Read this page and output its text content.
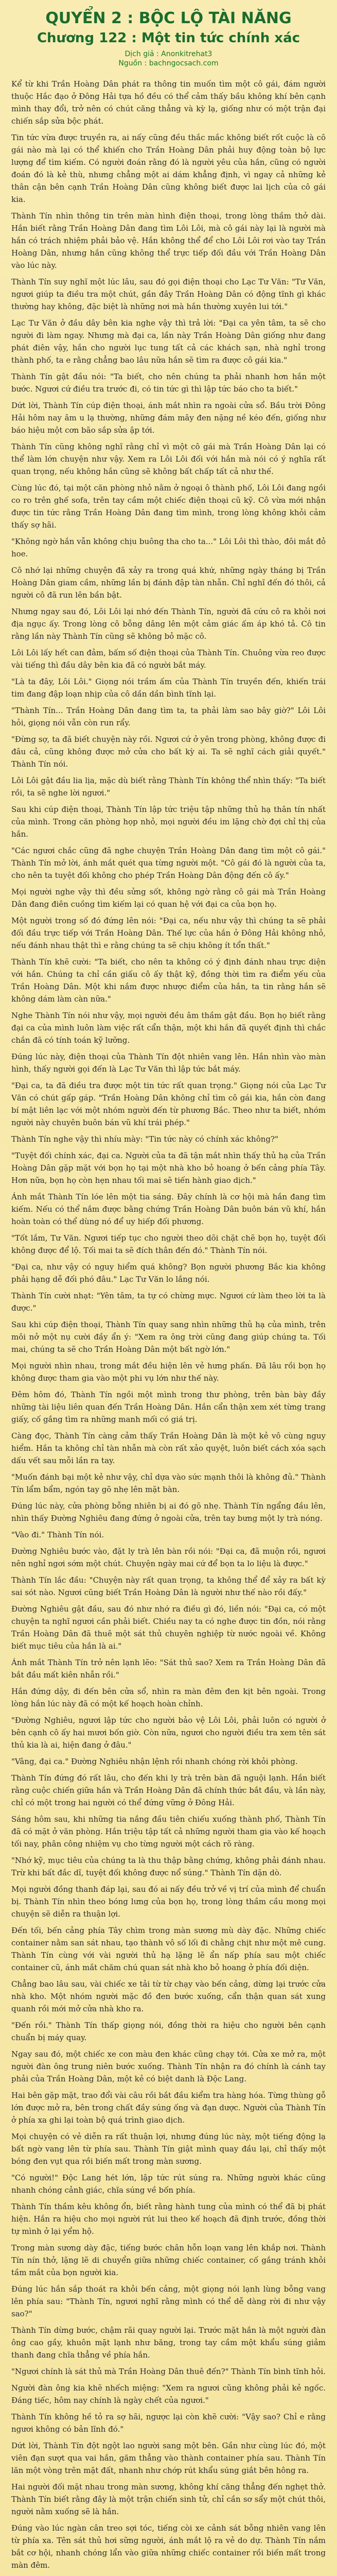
QUYỂN 2 : BỘC LỘ TÀI NĂNG
Chương 122 : Một tin tức chính xác
Dịch giả : Anonkitrehat3
Nguồn : bachngocsach.com

Kể từ khi Trần Hoàng Dân phát ra thông tin muốn tìm một cô gái, đám người thuộc Hắc đạo ở Đông Hải tựa hồ đều có thể cảm thấy bầu không khí bên cạnh mình thay đổi, trở nên có chút căng thẳng và kỳ lạ, giống như có một trận đại chiến sắp sửa bộc phát.

Tin tức vừa được truyền ra, ai nấy cũng đều thắc mắc không biết rốt cuộc là cô gái nào mà lại có thể khiến cho Trần Hoàng Dân phải huy động toàn bộ lực lượng để tìm kiếm. Có người đoán rằng đó là người yêu của hắn, cũng có người đoán đó là kẻ thù, nhưng chẳng một ai dám khẳng định, vì ngay cả những kẻ thân cận bên cạnh Trần Hoàng Dân cũng không biết được lai lịch của cô gái kia.

Thành Tín nhìn thông tin trên màn hình điện thoại, trong lòng thầm thở dài. Hắn biết rằng Trần Hoàng Dân đang tìm Lôi Lôi, mà cô gái này lại là người mà hắn có trách nhiệm phải bảo vệ. Hắn không thể để cho Lôi Lôi rơi vào tay Trần Hoàng Dân, nhưng hắn cũng không thể trực tiếp đối đầu với Trần Hoàng Dân vào lúc này.

Thành Tín suy nghĩ một lúc lâu, sau đó gọi điện thoại cho Lạc Tư Văn: "Tư Văn, ngươi giúp ta điều tra một chút, gần đây Trần Hoàng Dân có động tĩnh gì khác thường hay không, đặc biệt là những nơi mà hắn thường xuyên lui tới."

Lạc Tư Văn ở đầu dây bên kia nghe vậy thì trả lời: "Đại ca yên tâm, ta sẽ cho người đi làm ngay. Nhưng mà đại ca, lần này Trần Hoàng Dân giống như đang phát điên vậy, hắn cho người lục tung tất cả các khách sạn, nhà nghỉ trong thành phố, ta e rằng chẳng bao lâu nữa hắn sẽ tìm ra được cô gái kia."

Thành Tín gật đầu nói: "Ta biết, cho nên chúng ta phải nhanh hơn hắn một bước. Ngươi cứ điều tra trước đi, có tin tức gì thì lập tức báo cho ta biết."

Dứt lời, Thành Tín cúp điện thoại, ánh mắt nhìn ra ngoài cửa sổ. Bầu trời Đông Hải hôm nay âm u lạ thường, những đám mây đen nặng nề kéo đến, giống như báo hiệu một cơn bão sắp sửa ập tới.

Thành Tín cũng không nghĩ rằng chỉ vì một cô gái mà Trần Hoàng Dân lại có thể làm lớn chuyện như vậy. Xem ra Lôi Lôi đối với hắn mà nói có ý nghĩa rất quan trọng, nếu không hắn cũng sẽ không bất chấp tất cả như thế.

Cùng lúc đó, tại một căn phòng nhỏ nằm ở ngoại ô thành phố, Lôi Lôi đang ngồi co ro trên ghế sofa, trên tay cầm một chiếc điện thoại cũ kỹ. Cô vừa mới nhận được tin tức rằng Trần Hoàng Dân đang tìm mình, trong lòng không khỏi cảm thấy sợ hãi.

"Không ngờ hắn vẫn không chịu buông tha cho ta..." Lôi Lôi thì thào, đôi mắt đỏ hoe.

Cô nhớ lại những chuyện đã xảy ra trong quá khứ, những ngày tháng bị Trần Hoàng Dân giam cầm, những lần bị đánh đập tàn nhẫn. Chỉ nghĩ đến đó thôi, cả người cô đã run lên bần bật.

Nhưng ngay sau đó, Lôi Lôi lại nhớ đến Thành Tín, người đã cứu cô ra khỏi nơi địa ngục ấy. Trong lòng cô bỗng dâng lên một cảm giác ấm áp khó tả. Cô tin rằng lần này Thành Tín cũng sẽ không bỏ mặc cô.

Lôi Lôi lấy hết can đảm, bấm số điện thoại của Thành Tín. Chuông vừa reo được vài tiếng thì đầu dây bên kia đã có người bắt máy.

"Là ta đây, Lôi Lôi." Giọng nói trầm ấm của Thành Tín truyền đến, khiến trái tim đang đập loạn nhịp của cô dần dần bình tĩnh lại.

"Thành Tín... Trần Hoàng Dân đang tìm ta, ta phải làm sao bây giờ?" Lôi Lôi hỏi, giọng nói vẫn còn run rẩy.

"Đừng sợ, ta đã biết chuyện này rồi. Ngươi cứ ở yên trong phòng, không được đi đâu cả, cũng không được mở cửa cho bất kỳ ai. Ta sẽ nghĩ cách giải quyết." Thành Tín nói.

Lôi Lôi gật đầu lia lịa, mặc dù biết rằng Thành Tín không thể nhìn thấy: "Ta biết rồi, ta sẽ nghe lời ngươi."

Sau khi cúp điện thoại, Thành Tín lập tức triệu tập những thủ hạ thân tín nhất của mình. Trong căn phòng họp nhỏ, mọi người đều im lặng chờ đợi chỉ thị của hắn.

"Các ngươi chắc cũng đã nghe chuyện Trần Hoàng Dân đang tìm một cô gái." Thành Tín mở lời, ánh mắt quét qua từng người một. "Cô gái đó là người của ta, cho nên ta tuyệt đối không cho phép Trần Hoàng Dân động đến cô ấy."

Mọi người nghe vậy thì đều sửng sốt, không ngờ rằng cô gái mà Trần Hoàng Dân đang điên cuồng tìm kiếm lại có quan hệ với đại ca của bọn họ.

Một người trong số đó đứng lên nói: "Đại ca, nếu như vậy thì chúng ta sẽ phải đối đầu trực tiếp với Trần Hoàng Dân. Thế lực của hắn ở Đông Hải không nhỏ, nếu đánh nhau thật thì e rằng chúng ta sẽ chịu không ít tổn thất."

Thành Tín khẽ cười: "Ta biết, cho nên ta không có ý định đánh nhau trực diện với hắn. Chúng ta chỉ cần giấu cô ấy thật kỹ, đồng thời tìm ra điểm yếu của Trần Hoàng Dân. Một khi nắm được nhược điểm của hắn, ta tin rằng hắn sẽ không dám làm càn nữa."

Nghe Thành Tín nói như vậy, mọi người đều âm thầm gật đầu. Bọn họ biết rằng đại ca của mình luôn làm việc rất cẩn thận, một khi hắn đã quyết định thì chắc chắn đã có tính toán kỹ lưỡng.

Đúng lúc này, điện thoại của Thành Tín đột nhiên vang lên. Hắn nhìn vào màn hình, thấy người gọi đến là Lạc Tư Văn thì lập tức bắt máy.

"Đại ca, ta đã điều tra được một tin tức rất quan trọng." Giọng nói của Lạc Tư Văn có chút gấp gáp. "Trần Hoàng Dân không chỉ tìm cô gái kia, hắn còn đang bí mật liên lạc với một nhóm người đến từ phương Bắc. Theo như ta biết, nhóm người này chuyên buôn bán vũ khí trái phép."

Thành Tín nghe vậy thì nhíu mày: "Tin tức này có chính xác không?"

"Tuyệt đối chính xác, đại ca. Người của ta đã tận mắt nhìn thấy thủ hạ của Trần Hoàng Dân gặp mặt với bọn họ tại một nhà kho bỏ hoang ở bến cảng phía Tây. Hơn nữa, bọn họ còn hẹn nhau tối mai sẽ tiến hành giao dịch."

Ánh mắt Thành Tín lóe lên một tia sáng. Đây chính là cơ hội mà hắn đang tìm kiếm. Nếu có thể nắm được bằng chứng Trần Hoàng Dân buôn bán vũ khí, hắn hoàn toàn có thể dùng nó để uy hiếp đối phương.

"Tốt lắm, Tư Văn. Ngươi tiếp tục cho người theo dõi chặt chẽ bọn họ, tuyệt đối không được để lộ. Tối mai ta sẽ đích thân đến đó." Thành Tín nói.

"Đại ca, như vậy có nguy hiểm quá không? Bọn người phương Bắc kia không phải hạng dễ đối phó đâu." Lạc Tư Văn lo lắng nói.

Thành Tín cười nhạt: "Yên tâm, ta tự có chừng mực. Ngươi cứ làm theo lời ta là được."

Sau khi cúp điện thoại, Thành Tín quay sang nhìn những thủ hạ của mình, trên môi nở một nụ cười đầy ẩn ý: "Xem ra ông trời cũng đang giúp chúng ta. Tối mai, chúng ta sẽ cho Trần Hoàng Dân một bất ngờ lớn."

Mọi người nhìn nhau, trong mắt đều hiện lên vẻ hưng phấn. Đã lâu rồi bọn họ không được tham gia vào một phi vụ lớn như thế này.

Đêm hôm đó, Thành Tín ngồi một mình trong thư phòng, trên bàn bày đầy những tài liệu liên quan đến Trần Hoàng Dân. Hắn cẩn thận xem xét từng trang giấy, cố gắng tìm ra những manh mối có giá trị.

Càng đọc, Thành Tín càng cảm thấy Trần Hoàng Dân là một kẻ vô cùng nguy hiểm. Hắn ta không chỉ tàn nhẫn mà còn rất xảo quyệt, luôn biết cách xóa sạch dấu vết sau mỗi lần ra tay.

"Muốn đánh bại một kẻ như vậy, chỉ dựa vào sức mạnh thôi là không đủ." Thành Tín lẩm bẩm, ngón tay gõ nhẹ lên mặt bàn.

Đúng lúc này, cửa phòng bỗng nhiên bị ai đó gõ nhẹ. Thành Tín ngẩng đầu lên, nhìn thấy Đường Nghiêu đang đứng ở ngoài cửa, trên tay bưng một ly trà nóng.

"Vào đi." Thành Tín nói.

Đường Nghiêu bước vào, đặt ly trà lên bàn rồi nói: "Đại ca, đã muộn rồi, ngươi nên nghỉ ngơi sớm một chút. Chuyện ngày mai cứ để bọn ta lo liệu là được."

Thành Tín lắc đầu: "Chuyện này rất quan trọng, ta không thể để xảy ra bất kỳ sai sót nào. Ngươi cũng biết Trần Hoàng Dân là người như thế nào rồi đấy."

Đường Nghiêu gật đầu, sau đó như nhớ ra điều gì đó, liền nói: "Đại ca, có một chuyện ta nghĩ ngươi cần phải biết. Chiều nay ta có nghe được tin đồn, nói rằng Trần Hoàng Dân đã thuê một sát thủ chuyên nghiệp từ nước ngoài về. Không biết mục tiêu của hắn là ai."

Ánh mắt Thành Tín trở nên lạnh lẽo: "Sát thủ sao? Xem ra Trần Hoàng Dân đã bắt đầu mất kiên nhẫn rồi."

Hắn đứng dậy, đi đến bên cửa sổ, nhìn ra màn đêm đen kịt bên ngoài. Trong lòng hắn lúc này đã có một kế hoạch hoàn chỉnh.

"Đường Nghiêu, ngươi lập tức cho người bảo vệ Lôi Lôi, phải luôn có người ở bên cạnh cô ấy hai mươi bốn giờ. Còn nữa, ngươi cho người điều tra xem tên sát thủ kia là ai, hiện đang ở đâu."

"Vâng, đại ca." Đường Nghiêu nhận lệnh rồi nhanh chóng rời khỏi phòng.

Thành Tín đứng đó rất lâu, cho đến khi ly trà trên bàn đã nguội lạnh. Hắn biết rằng cuộc chiến giữa hắn và Trần Hoàng Dân đã chính thức bắt đầu, và lần này, chỉ có một trong hai người có thể đứng vững ở Đông Hải.

Sáng hôm sau, khi những tia nắng đầu tiên chiếu xuống thành phố, Thành Tín đã có mặt ở văn phòng. Hắn triệu tập tất cả những người tham gia vào kế hoạch tối nay, phân công nhiệm vụ cho từng người một cách rõ ràng.

"Nhớ kỹ, mục tiêu của chúng ta là thu thập bằng chứng, không phải đánh nhau. Trừ khi bất đắc dĩ, tuyệt đối không được nổ súng." Thành Tín dặn dò.

Mọi người đồng thanh đáp lại, sau đó ai nấy đều trở về vị trí của mình để chuẩn bị. Thành Tín nhìn theo bóng lưng của bọn họ, trong lòng thầm cầu mong mọi chuyện sẽ diễn ra thuận lợi.

Đến tối, bến cảng phía Tây chìm trong màn sương mù dày đặc. Những chiếc container nằm san sát nhau, tạo thành vô số lối đi chằng chịt như một mê cung. Thành Tín cùng với vài người thủ hạ lặng lẽ ẩn nấp phía sau một chiếc container cũ, ánh mắt chăm chú quan sát nhà kho bỏ hoang ở phía đối diện.

Chẳng bao lâu sau, vài chiếc xe tải từ từ chạy vào bến cảng, dừng lại trước cửa nhà kho. Một nhóm người mặc đồ đen bước xuống, cẩn thận quan sát xung quanh rồi mới mở cửa nhà kho ra.

"Đến rồi." Thành Tín thấp giọng nói, đồng thời ra hiệu cho người bên cạnh chuẩn bị máy quay.

Ngay sau đó, một chiếc xe con màu đen khác cũng chạy tới. Cửa xe mở ra, một người đàn ông trung niên bước xuống. Thành Tín nhận ra đó chính là cánh tay phải của Trần Hoàng Dân, một kẻ có biệt danh là Độc Lang.

Hai bên gặp mặt, trao đổi vài câu rồi bắt đầu kiểm tra hàng hóa. Từng thùng gỗ lớn được mở ra, bên trong chất đầy súng ống và đạn dược. Người của Thành Tín ở phía xa ghi lại toàn bộ quá trình giao dịch.

Mọi chuyện có vẻ diễn ra rất thuận lợi, nhưng đúng lúc này, một tiếng động lạ bất ngờ vang lên từ phía sau. Thành Tín giật mình quay đầu lại, chỉ thấy một bóng đen vụt qua rồi biến mất trong màn sương.

"Có người!" Độc Lang hét lớn, lập tức rút súng ra. Những người khác cũng nhanh chóng cảnh giác, chĩa súng về bốn phía.

Thành Tín thầm kêu không ổn, biết rằng hành tung của mình có thể đã bị phát hiện. Hắn ra hiệu cho mọi người rút lui theo kế hoạch đã định trước, đồng thời tự mình ở lại yểm hộ.

Trong màn sương dày đặc, tiếng bước chân hỗn loạn vang lên khắp nơi. Thành Tín nín thở, lặng lẽ di chuyển giữa những chiếc container, cố gắng tránh khỏi tầm mắt của bọn người kia.

Đúng lúc hắn sắp thoát ra khỏi bến cảng, một giọng nói lạnh lùng bỗng vang lên phía sau: "Thành Tín, ngươi nghĩ rằng mình có thể dễ dàng rời đi như vậy sao?"

Thành Tín dừng bước, chậm rãi quay người lại. Trước mặt hắn là một người đàn ông cao gầy, khuôn mặt lạnh như băng, trong tay cầm một khẩu súng giảm thanh đang chĩa thẳng về phía hắn.

"Ngươi chính là sát thủ mà Trần Hoàng Dân thuê đến?" Thành Tín bình tĩnh hỏi.

Người đàn ông kia khẽ nhếch miệng: "Xem ra ngươi cũng không phải kẻ ngốc. Đáng tiếc, hôm nay chính là ngày chết của ngươi."

Thành Tín không hề tỏ ra sợ hãi, ngược lại còn khẽ cười: "Vậy sao? Chỉ e rằng ngươi không có bản lĩnh đó."

Dứt lời, Thành Tín đột ngột lao người sang một bên. Gần như cùng lúc đó, một viên đạn sượt qua vai hắn, găm thẳng vào thành container phía sau. Thành Tín lăn một vòng trên mặt đất, nhanh như chớp rút khẩu súng giắt bên hông ra.

Hai người đối mặt nhau trong màn sương, không khí căng thẳng đến nghẹt thở. Thành Tín biết rằng đây là một trận chiến sinh tử, chỉ cần sơ sẩy một chút thôi, người nằm xuống sẽ là hắn.

Đúng vào lúc ngàn cân treo sợi tóc, tiếng còi xe cảnh sát bỗng nhiên vang lên từ phía xa. Tên sát thủ hơi sững người, ánh mắt lộ ra vẻ do dự. Thành Tín nắm bắt cơ hội, nhanh chóng lẩn vào giữa những chiếc container rồi biến mất trong màn đêm.
